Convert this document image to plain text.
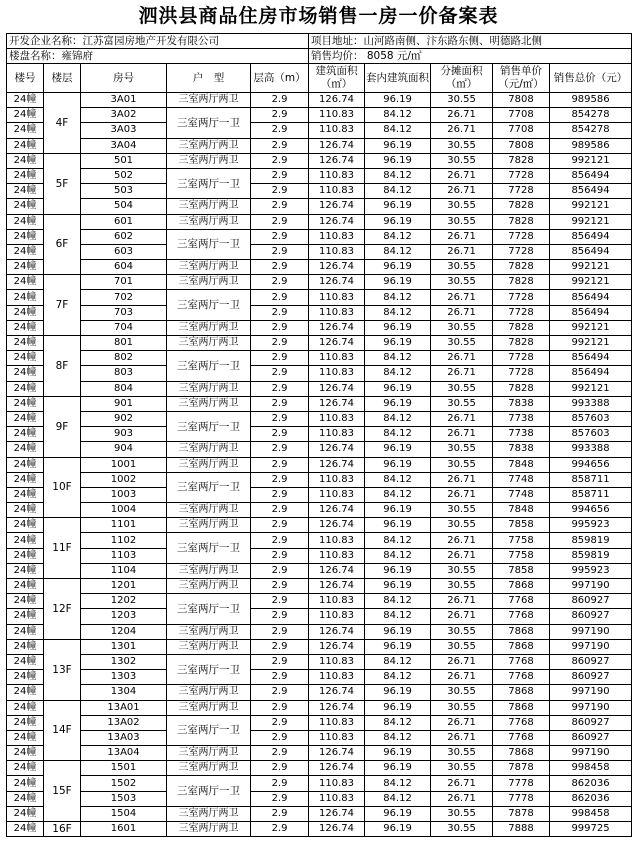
泗洪县商品住房市场销售一房一价备案表
开发企业名称：江苏富园房地产开发有限公司					项目地址：山河路南侧、汴东路东侧、明德路北侧				
楼盘名称：雍锦府					销售均价： 8058 元/㎡				
楼号	楼层	房号	户　型	层高（m）	建筑面积（㎡）	套内建筑面积	分摊面积（㎡）	销售单价（元/㎡）	销售总价（元）
24幢	4F	3A01	三室两厅两卫	2.9	126.74	96.19	30.55	7808	989586
24幢		3A02	三室两厅一卫	2.9	110.83	84.12	26.71	7708	854278
24幢		3A03		2.9	110.83	84.12	26.71	7708	854278
24幢		3A04	三室两厅两卫	2.9	126.74	96.19	30.55	7808	989586
24幢	5F	501	三室两厅两卫	2.9	126.74	96.19	30.55	7828	992121
24幢		502	三室两厅一卫	2.9	110.83	84.12	26.71	7728	856494
24幢		503		2.9	110.83	84.12	26.71	7728	856494
24幢		504	三室两厅两卫	2.9	126.74	96.19	30.55	7828	992121
24幢	6F	601	三室两厅两卫	2.9	126.74	96.19	30.55	7828	992121
24幢		602	三室两厅一卫	2.9	110.83	84.12	26.71	7728	856494
24幢		603		2.9	110.83	84.12	26.71	7728	856494
24幢		604	三室两厅两卫	2.9	126.74	96.19	30.55	7828	992121
24幢	7F	701	三室两厅两卫	2.9	126.74	96.19	30.55	7828	992121
24幢		702	三室两厅一卫	2.9	110.83	84.12	26.71	7728	856494
24幢		703		2.9	110.83	84.12	26.71	7728	856494
24幢		704	三室两厅两卫	2.9	126.74	96.19	30.55	7828	992121
24幢	8F	801	三室两厅两卫	2.9	126.74	96.19	30.55	7828	992121
24幢		802	三室两厅一卫	2.9	110.83	84.12	26.71	7728	856494
24幢		803		2.9	110.83	84.12	26.71	7728	856494
24幢		804	三室两厅两卫	2.9	126.74	96.19	30.55	7828	992121
24幢	9F	901	三室两厅两卫	2.9	126.74	96.19	30.55	7838	993388
24幢		902	三室两厅一卫	2.9	110.83	84.12	26.71	7738	857603
24幢		903		2.9	110.83	84.12	26.71	7738	857603
24幢		904	三室两厅两卫	2.9	126.74	96.19	30.55	7838	993388
24幢	10F	1001	三室两厅两卫	2.9	126.74	96.19	30.55	7848	994656
24幢		1002	三室两厅一卫	2.9	110.83	84.12	26.71	7748	858711
24幢		1003		2.9	110.83	84.12	26.71	7748	858711
24幢		1004	三室两厅两卫	2.9	126.74	96.19	30.55	7848	994656
24幢	11F	1101	三室两厅两卫	2.9	126.74	96.19	30.55	7858	995923
24幢		1102	三室两厅一卫	2.9	110.83	84.12	26.71	7758	859819
24幢		1103		2.9	110.83	84.12	26.71	7758	859819
24幢		1104	三室两厅两卫	2.9	126.74	96.19	30.55	7858	995923
24幢	12F	1201	三室两厅两卫	2.9	126.74	96.19	30.55	7868	997190
24幢		1202	三室两厅一卫	2.9	110.83	84.12	26.71	7768	860927
24幢		1203		2.9	110.83	84.12	26.71	7768	860927
24幢		1204	三室两厅两卫	2.9	126.74	96.19	30.55	7868	997190
24幢	13F	1301	三室两厅两卫	2.9	126.74	96.19	30.55	7868	997190
24幢		1302	三室两厅一卫	2.9	110.83	84.12	26.71	7768	860927
24幢		1303		2.9	110.83	84.12	26.71	7768	860927
24幢		1304	三室两厅两卫	2.9	126.74	96.19	30.55	7868	997190
24幢	14F	13A01	三室两厅两卫	2.9	126.74	96.19	30.55	7868	997190
24幢		13A02	三室两厅一卫	2.9	110.83	84.12	26.71	7768	860927
24幢		13A03		2.9	110.83	84.12	26.71	7768	860927
24幢		13A04	三室两厅两卫	2.9	126.74	96.19	30.55	7868	997190
24幢	15F	1501	三室两厅两卫	2.9	126.74	96.19	30.55	7878	998458
24幢		1502	三室两厅一卫	2.9	110.83	84.12	26.71	7778	862036
24幢		1503		2.9	110.83	84.12	26.71	7778	862036
24幢		1504	三室两厅两卫	2.9	126.74	96.19	30.55	7878	998458
24幢	16F	1601	三室两厅两卫	2.9	126.74	96.19	30.55	7888	999725
